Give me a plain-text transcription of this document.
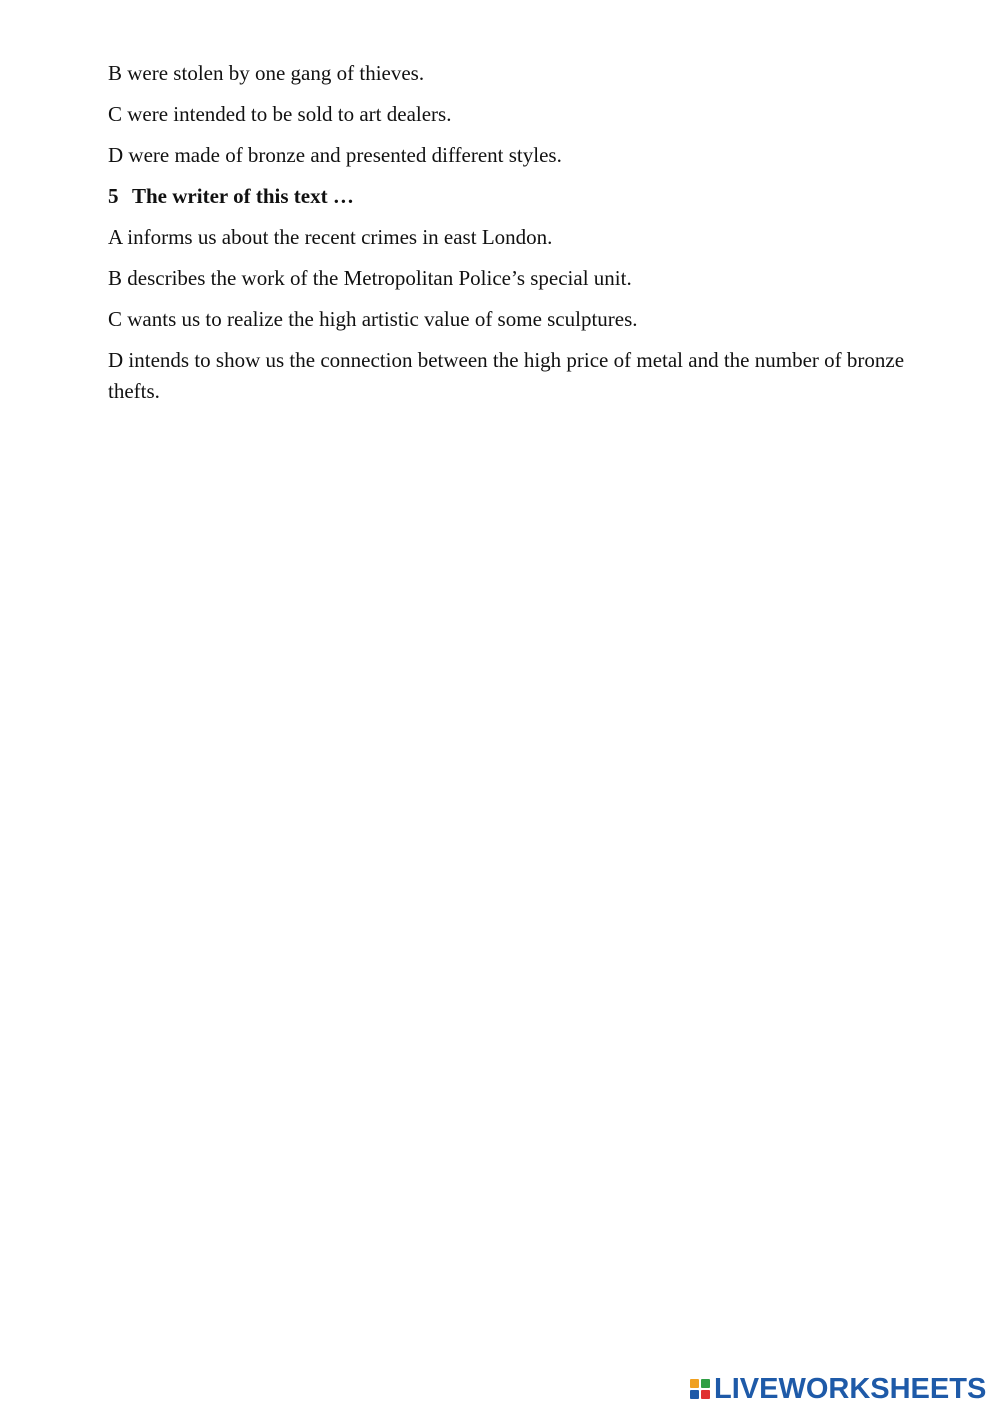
B were stolen by one gang of thieves.

C were intended to be sold to art dealers.

D were made of bronze and presented different styles.

5 The writer of this text …

A informs us about the recent crimes in east London.

B describes the work of the Metropolitan Police’s special unit.

C wants us to realize the high artistic value of some sculptures.

D intends to show us the connection between the high price of metal and the number of bronze thefts.

LIVEWORKSHEETS
